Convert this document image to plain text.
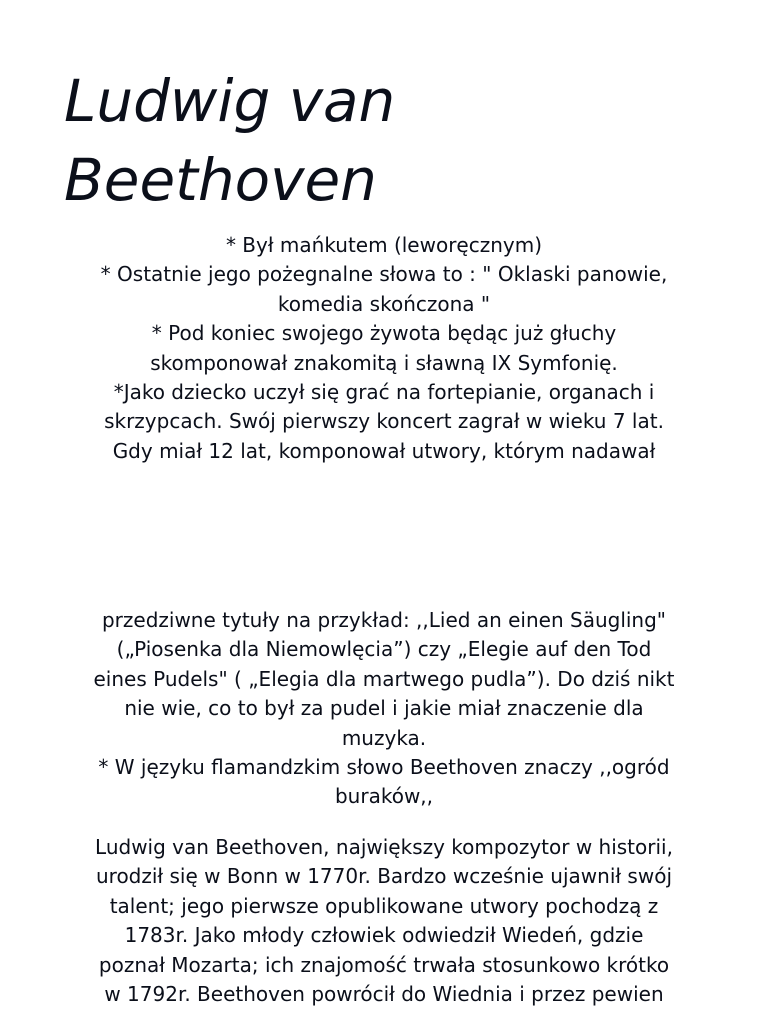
Ludwig van
Beethoven

* Był mańkutem (leworęcznym)
* Ostatnie jego pożegnalne słowa to : " Oklaski panowie,
komedia skończona "
* Pod koniec swojego żywota będąc już głuchy
skomponował znakomitą i sławną IX Symfonię.
*Jako dziecko uczył się grać na fortepianie, organach i
skrzypcach. Swój pierwszy koncert zagrał w wieku 7 lat.
Gdy miał 12 lat, komponował utwory, którym nadawał

przedziwne tytuły na przykład: ,,Lied an einen Säugling"
(„Piosenka dla Niemowlęcia”) czy „Elegie auf den Tod
eines Pudels" ( „Elegia dla martwego pudla”). Do dziś nikt
nie wie, co to był za pudel i jakie miał znaczenie dla
muzyka.
* W języku flamandzkim słowo Beethoven znaczy ,,ogród
buraków,,

Ludwig van Beethoven, największy kompozytor w historii,
urodził się w Bonn w 1770r. Bardzo wcześnie ujawnił swój
talent; jego pierwsze opublikowane utwory pochodzą z
1783r. Jako młody człowiek odwiedził Wiedeń, gdzie
poznał Mozarta; ich znajomość trwała stosunkowo krótko
w 1792r. Beethoven powrócił do Wiednia i przez pewien
